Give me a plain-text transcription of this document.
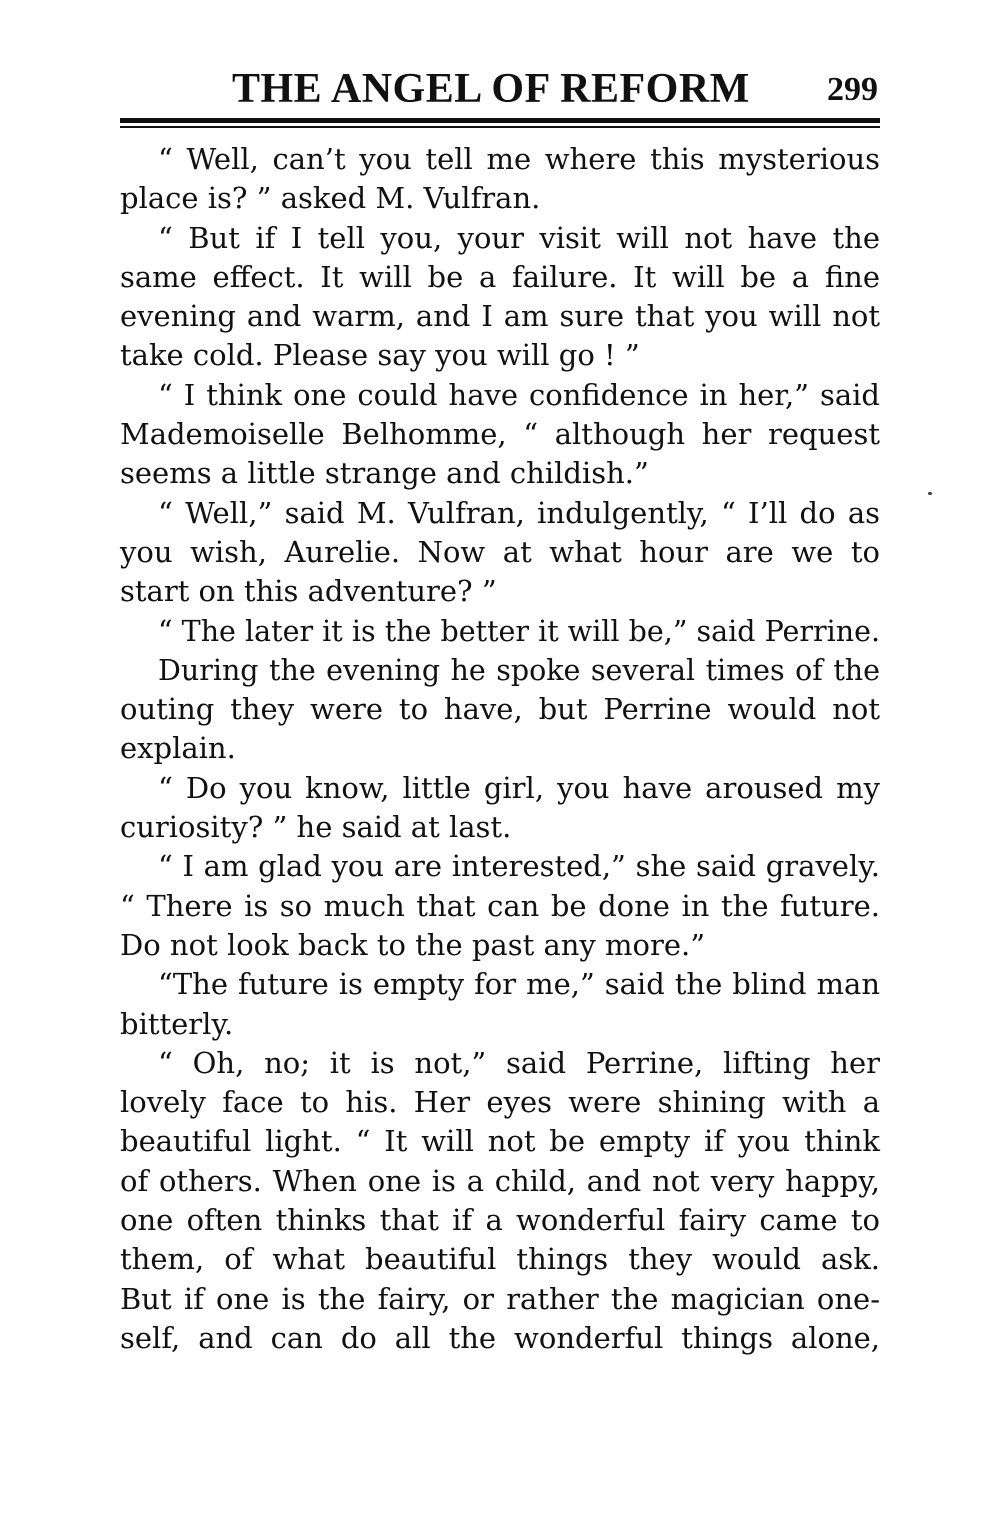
THE ANGEL OF REFORM 299
“ Well, can’t you tell me where this mysterious
place is? ” asked M. Vulfran.
“ But if I tell you, your visit will not have the
same effect. It will be a failure. It will be a fine
evening and warm, and I am sure that you will not
take cold. Please say you will go ! ”
“ I think one could have confidence in her,” said
Mademoiselle Belhomme, “ although her request
seems a little strange and childish.”
“ Well,” said M. Vulfran, indulgently, “ I’ll do as
you wish, Aurelie. Now at what hour are we to
start on this adventure? ”
“ The later it is the better it will be,” said Perrine.
During the evening he spoke several times of the
outing they were to have, but Perrine would not
explain.
“ Do you know, little girl, you have aroused my
curiosity? ” he said at last.
“ I am glad you are interested,” she said gravely.
“ There is so much that can be done in the future.
Do not look back to the past any more.”
“The future is empty for me,” said the blind man
bitterly.
“ Oh, no; it is not,” said Perrine, lifting her
lovely face to his. Her eyes were shining with a
beautiful light. “ It will not be empty if you think
of others. When one is a child, and not very happy,
one often thinks that if a wonderful fairy came to
them, of what beautiful things they would ask.
But if one is the fairy, or rather the magician one-
self, and can do all the wonderful things alone,
